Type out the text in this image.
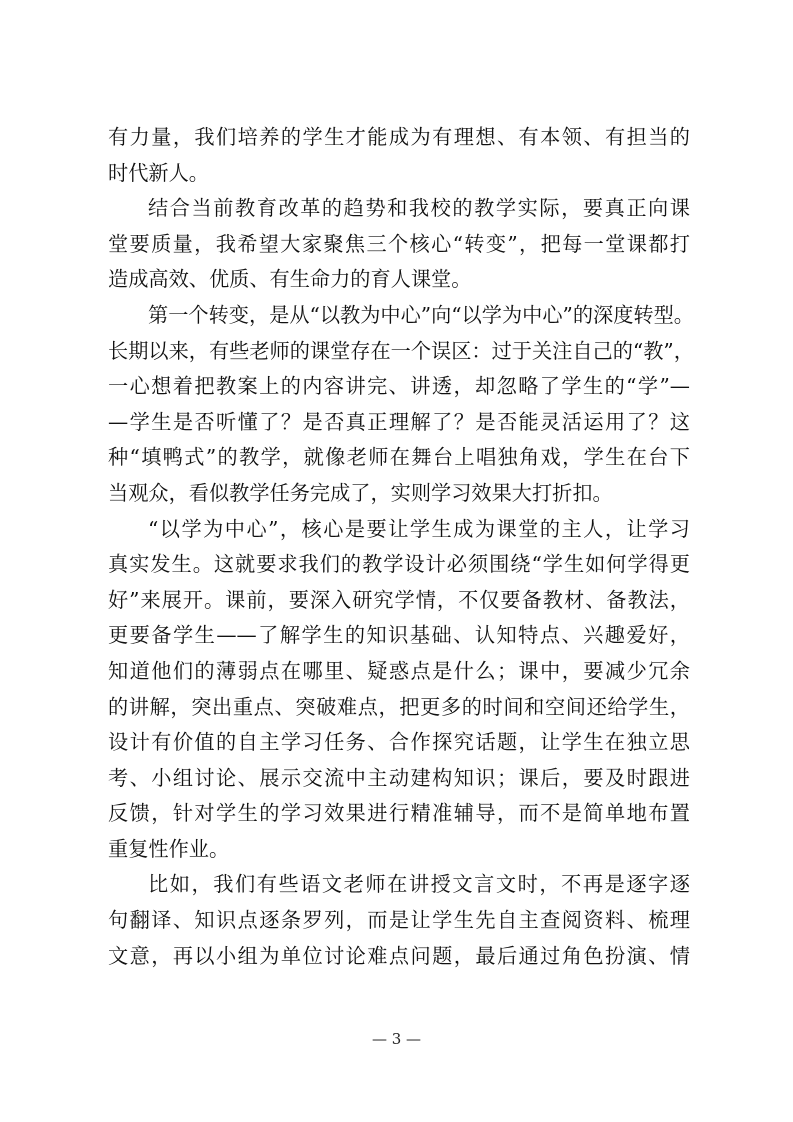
有力量，我们培养的学生才能成为有理想、有本领、有担当的
时代新人。
结合当前教育改革的趋势和我校的教学实际，要真正向课
堂要质量，我希望大家聚焦三个核心“转变”，把每一堂课都打
造成高效、优质、有生命力的育人课堂。
第一个转变，是从“以教为中心”向“以学为中心”的深度转型。
长期以来，有些老师的课堂存在一个误区：过于关注自己的“教”，
一心想着把教案上的内容讲完、讲透，却忽略了学生的“学”—
—学生是否听懂了？是否真正理解了？是否能灵活运用了？这
种“填鸭式”的教学，就像老师在舞台上唱独角戏，学生在台下
当观众，看似教学任务完成了，实则学习效果大打折扣。
“以学为中心”，核心是要让学生成为课堂的主人，让学习
真实发生。这就要求我们的教学设计必须围绕“学生如何学得更
好”来展开。课前，要深入研究学情，不仅要备教材、备教法，
更要备学生——了解学生的知识基础、认知特点、兴趣爱好，
知道他们的薄弱点在哪里、疑惑点是什么；课中，要减少冗余
的讲解，突出重点、突破难点，把更多的时间和空间还给学生，
设计有价值的自主学习任务、合作探究话题，让学生在独立思
考、小组讨论、展示交流中主动建构知识；课后，要及时跟进
反馈，针对学生的学习效果进行精准辅导，而不是简单地布置
重复性作业。
比如，我们有些语文老师在讲授文言文时，不再是逐字逐
句翻译、知识点逐条罗列，而是让学生先自主查阅资料、梳理
文意，再以小组为单位讨论难点问题，最后通过角色扮演、情
— 3 —
